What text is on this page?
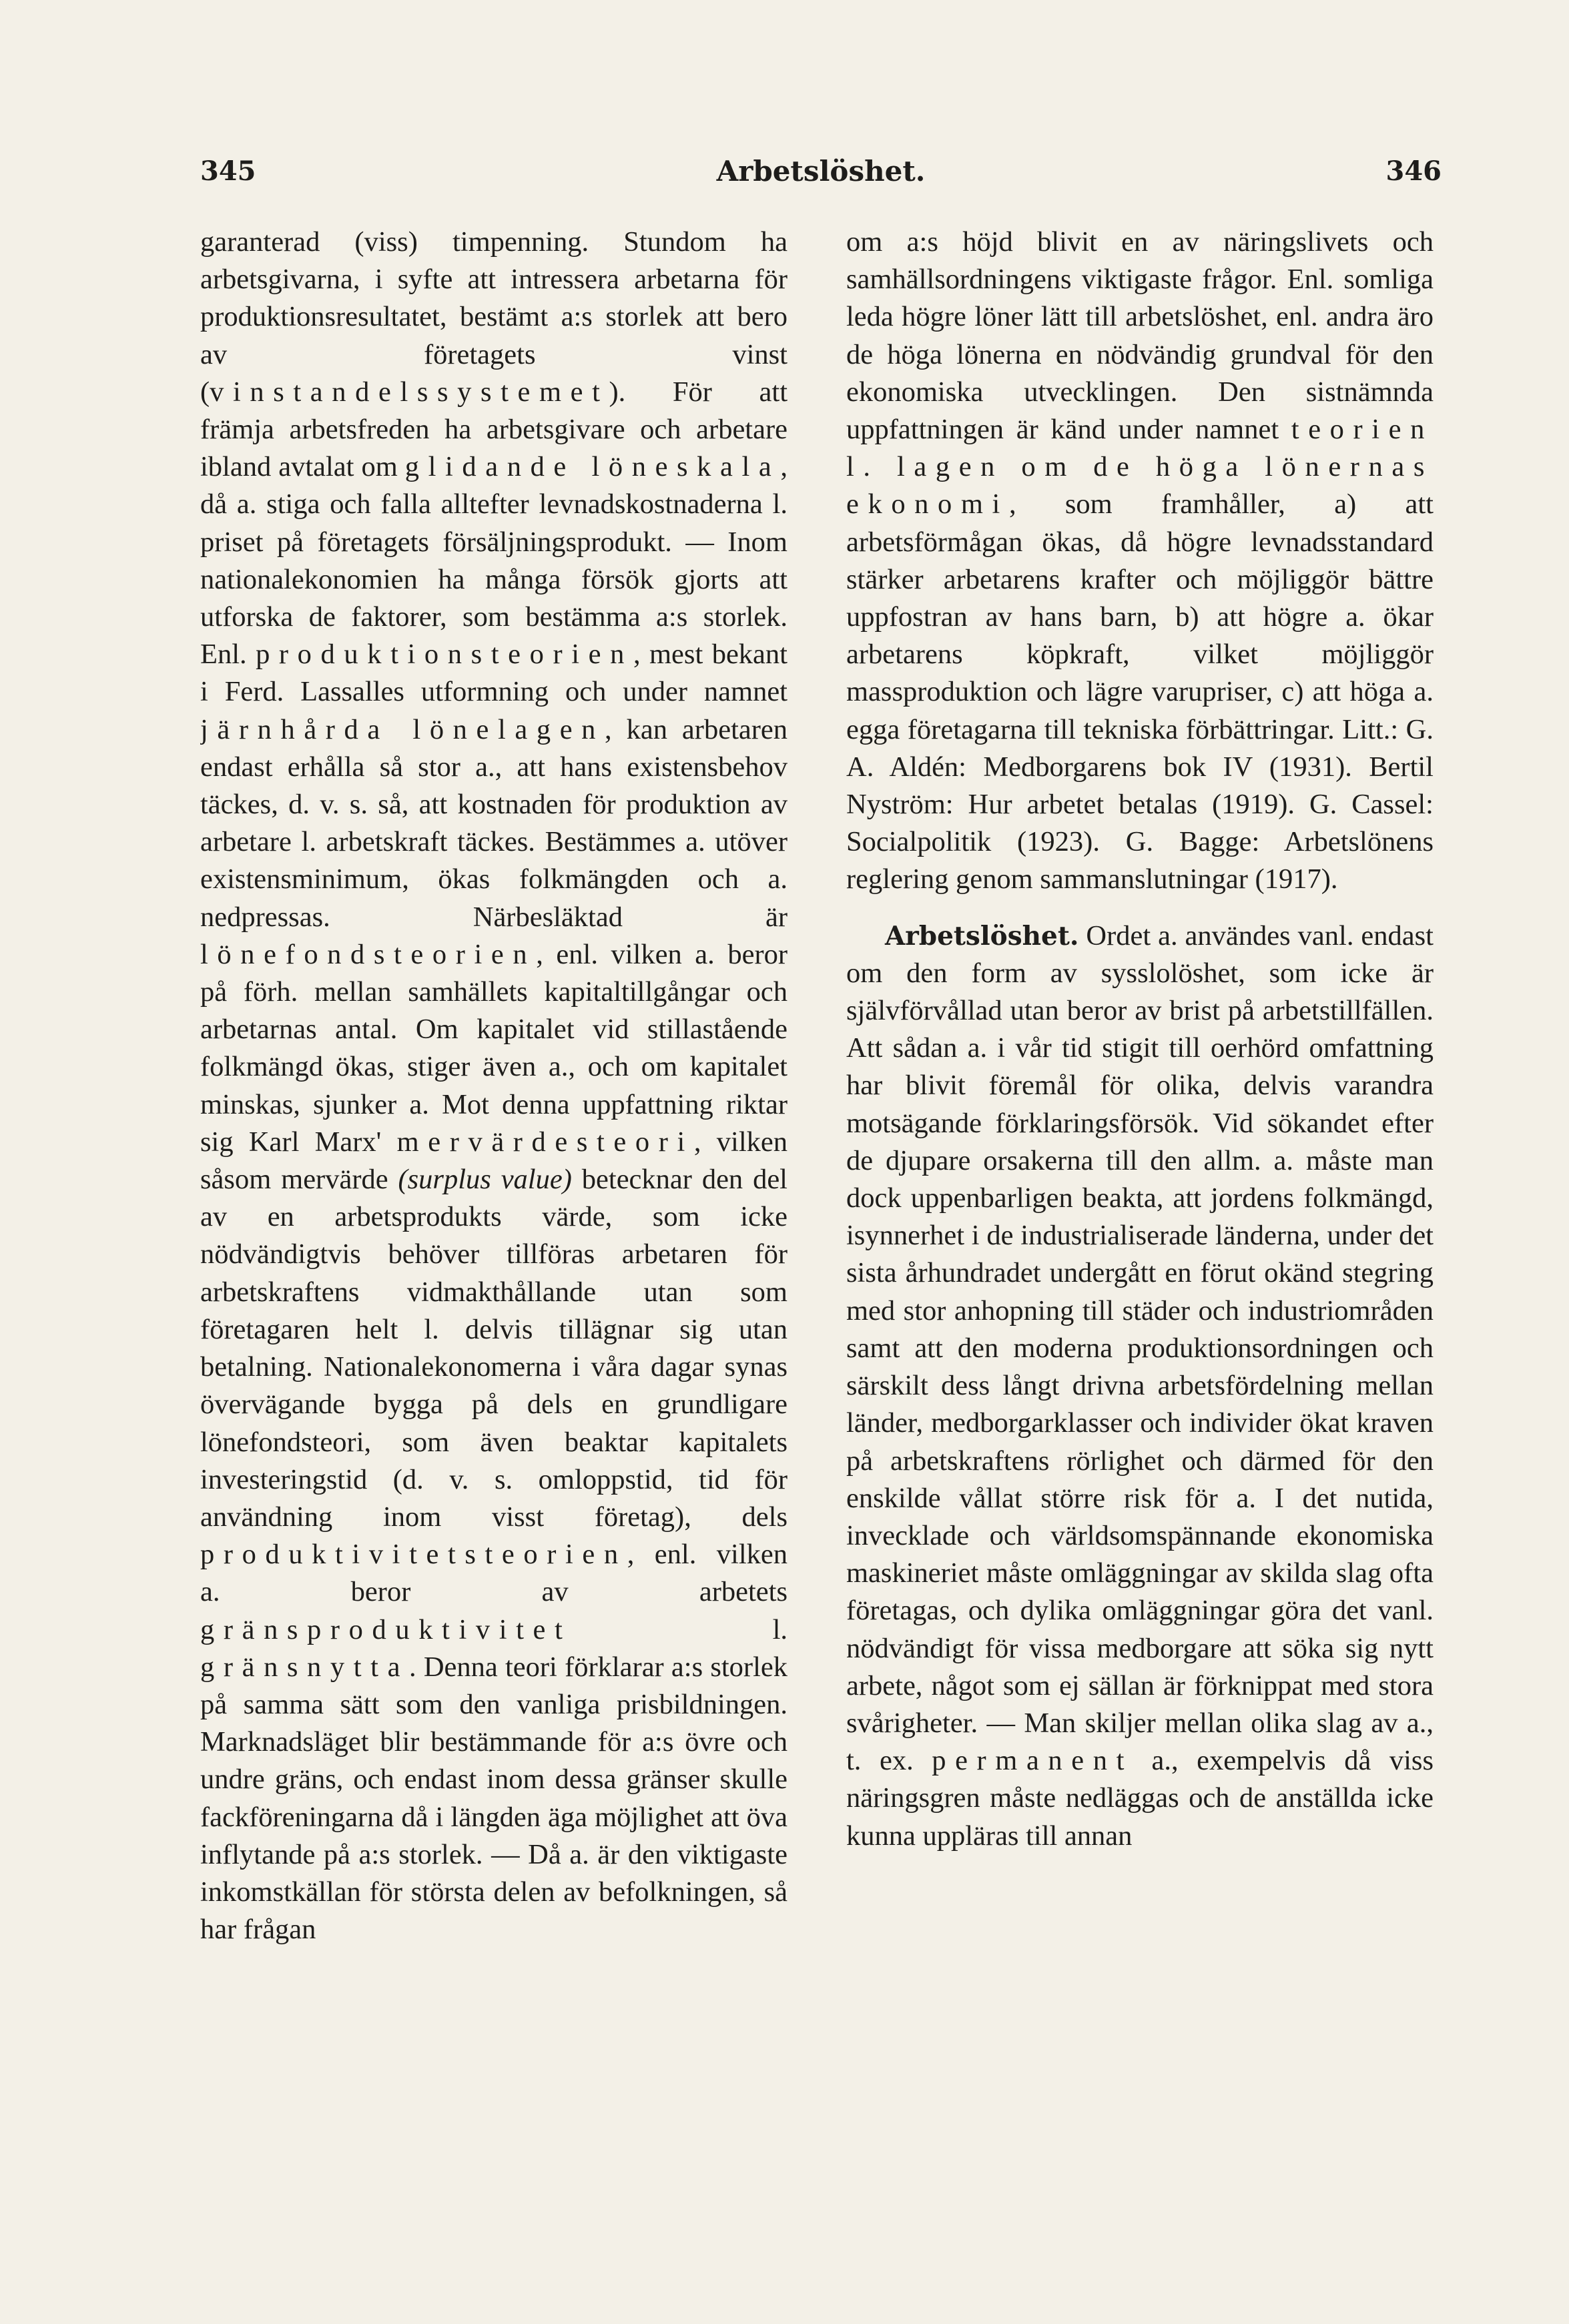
345	Arbetslöshet.	346

garanterad (viss) timpenning. Stundom ha arbetsgivarna, i syfte att intressera arbetarna för produktionsresultatet, bestämt a:s storlek att bero av företagets vinst (vinstandelssystemet). För att främja arbetsfreden ha arbetsgivare och arbetare ibland avtalat om glidande löneskala, då a. stiga och falla alltefter levnadskostnaderna l. priset på företagets försäljningsprodukt. — Inom nationalekonomien ha många försök gjorts att utforska de faktorer, som bestämma a:s storlek. Enl. produktionsteorien, mest bekant i Ferd. Lassalles utformning och under namnet järnhårda lönelagen, kan arbetaren endast erhålla så stor a., att hans existensbehov täckes, d. v. s. så, att kostnaden för produktion av arbetare l. arbetskraft täckes. Bestämmes a. utöver existensminimum, ökas folkmängden och a. nedpressas. Närbesläktad är lönefondsteorien, enl. vilken a. beror på förh. mellan samhällets kapitaltillgångar och arbetarnas antal. Om kapitalet vid stillastående folkmängd ökas, stiger även a., och om kapitalet minskas, sjunker a. Mot denna uppfattning riktar sig Karl Marx' mervärdesteori, vilken såsom mervärde (surplus value) betecknar den del av en arbetsprodukts värde, som icke nödvändigtvis behöver tillföras arbetaren för arbetskraftens vidmakthållande utan som företagaren helt l. delvis tillägnar sig utan betalning. Nationalekonomerna i våra dagar synas övervägande bygga på dels en grundligare lönefondsteori, som även beaktar kapitalets investeringstid (d. v. s. omloppstid, tid för användning inom visst företag), dels produktivitetsteorien, enl. vilken a. beror av arbetets gränsproduktivitet l. gränsnytta. Denna teori förklarar a:s storlek på samma sätt som den vanliga prisbildningen. Marknadsläget blir bestämmande för a:s övre och undre gräns, och endast inom dessa gränser skulle fackföreningarna då i längden äga möjlighet att öva inflytande på a:s storlek. — Då a. är den viktigaste inkomstkällan för största delen av befolkningen, så har frågan

om a:s höjd blivit en av näringslivets och samhällsordningens viktigaste frågor. Enl. somliga leda högre löner lätt till arbetslöshet, enl. andra äro de höga lönerna en nödvändig grundval för den ekonomiska utvecklingen. Den sistnämnda uppfattningen är känd under namnet teorien l. lagen om de höga lönernas ekonomi, som framhåller, a) att arbetsförmågan ökas, då högre levnadsstandard stärker arbetarens krafter och möjliggör bättre uppfostran av hans barn, b) att högre a. ökar arbetarens köpkraft, vilket möjliggör massproduktion och lägre varupriser, c) att höga a. egga företagarna till tekniska förbättringar. Litt.: G. A. Aldén: Medborgarens bok IV (1931). Bertil Nyström: Hur arbetet betalas (1919). G. Cassel: Socialpolitik (1923). G. Bagge: Arbetslönens reglering genom sammanslutningar (1917).

Arbetslöshet. Ordet a. användes vanl. endast om den form av sysslolöshet, som icke är självförvållad utan beror av brist på arbetstillfällen. Att sådan a. i vår tid stigit till oerhörd omfattning har blivit föremål för olika, delvis varandra motsägande förklaringsförsök. Vid sökandet efter de djupare orsakerna till den allm. a. måste man dock uppenbarligen beakta, att jordens folkmängd, isynnerhet i de industrialiserade länderna, under det sista århundradet undergått en förut okänd stegring med stor anhopning till städer och industriområden samt att den moderna produktionsordningen och särskilt dess långt drivna arbetsfördelning mellan länder, medborgarklasser och individer ökat kraven på arbetskraftens rörlighet och därmed för den enskilde vållat större risk för a. I det nutida, invecklade och världsomspännande ekonomiska maskineriet måste omläggningar av skilda slag ofta företagas, och dylika omläggningar göra det vanl. nödvändigt för vissa medborgare att söka sig nytt arbete, något som ej sällan är förknippat med stora svårigheter. — Man skiljer mellan olika slag av a., t. ex. permanent a., exempelvis då viss näringsgren måste nedläggas och de anställda icke kunna uppläras till annan
